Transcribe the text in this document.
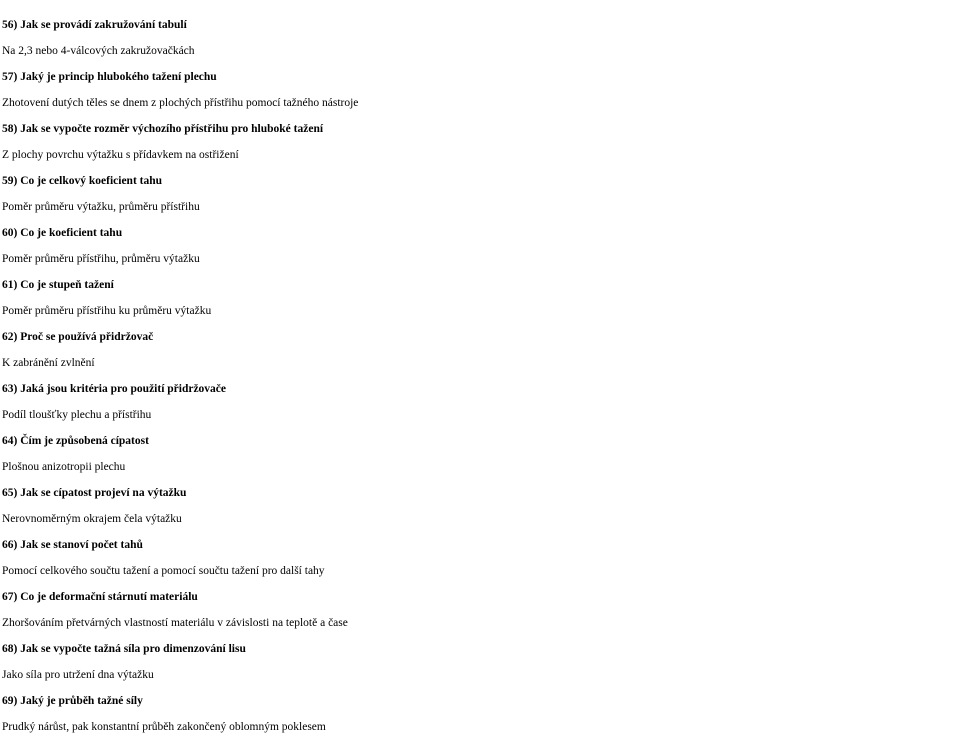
56) Jak se provádí zakružování tabulí
Na 2,3 nebo 4-válcových zakružovačkách
57) Jaký je princip hlubokého tažení plechu
Zhotovení dutých těles se dnem z plochých přístřihu pomocí tažného nástroje
58) Jak se vypočte rozměr výchozího přístřihu pro hluboké tažení
Z plochy povrchu výtažku s přídavkem na ostřižení
59) Co je celkový koeficient tahu
Poměr průměru výtažku, průměru přístřihu
60) Co je koeficient tahu
Poměr průměru přístřihu, průměru výtažku
61) Co je stupeň tažení
Poměr průměru přístřihu ku průměru výtažku
62) Proč se používá přidržovač
K zabránění zvlnění
63) Jaká jsou kritéria pro použití přidržovače
Podíl tloušťky plechu a přístřihu
64) Čím je způsobená cípatost
Plošnou anizotropii plechu
65) Jak se cípatost projeví na výtažku
Nerovnoměrným okrajem čela výtažku
66) Jak se stanoví počet tahů
Pomocí celkového součtu tažení a pomocí součtu tažení pro další tahy
67) Co je deformační stárnutí materiálu
Zhoršováním přetvárných vlastností materiálu v závislosti na teplotě a čase
68) Jak se vypočte tažná síla pro dimenzování lisu
Jako síla pro utržení dna výtažku
69) Jaký je průběh tažné síly
Prudký nárůst, pak konstantní průběh zakončený oblomným poklesem
